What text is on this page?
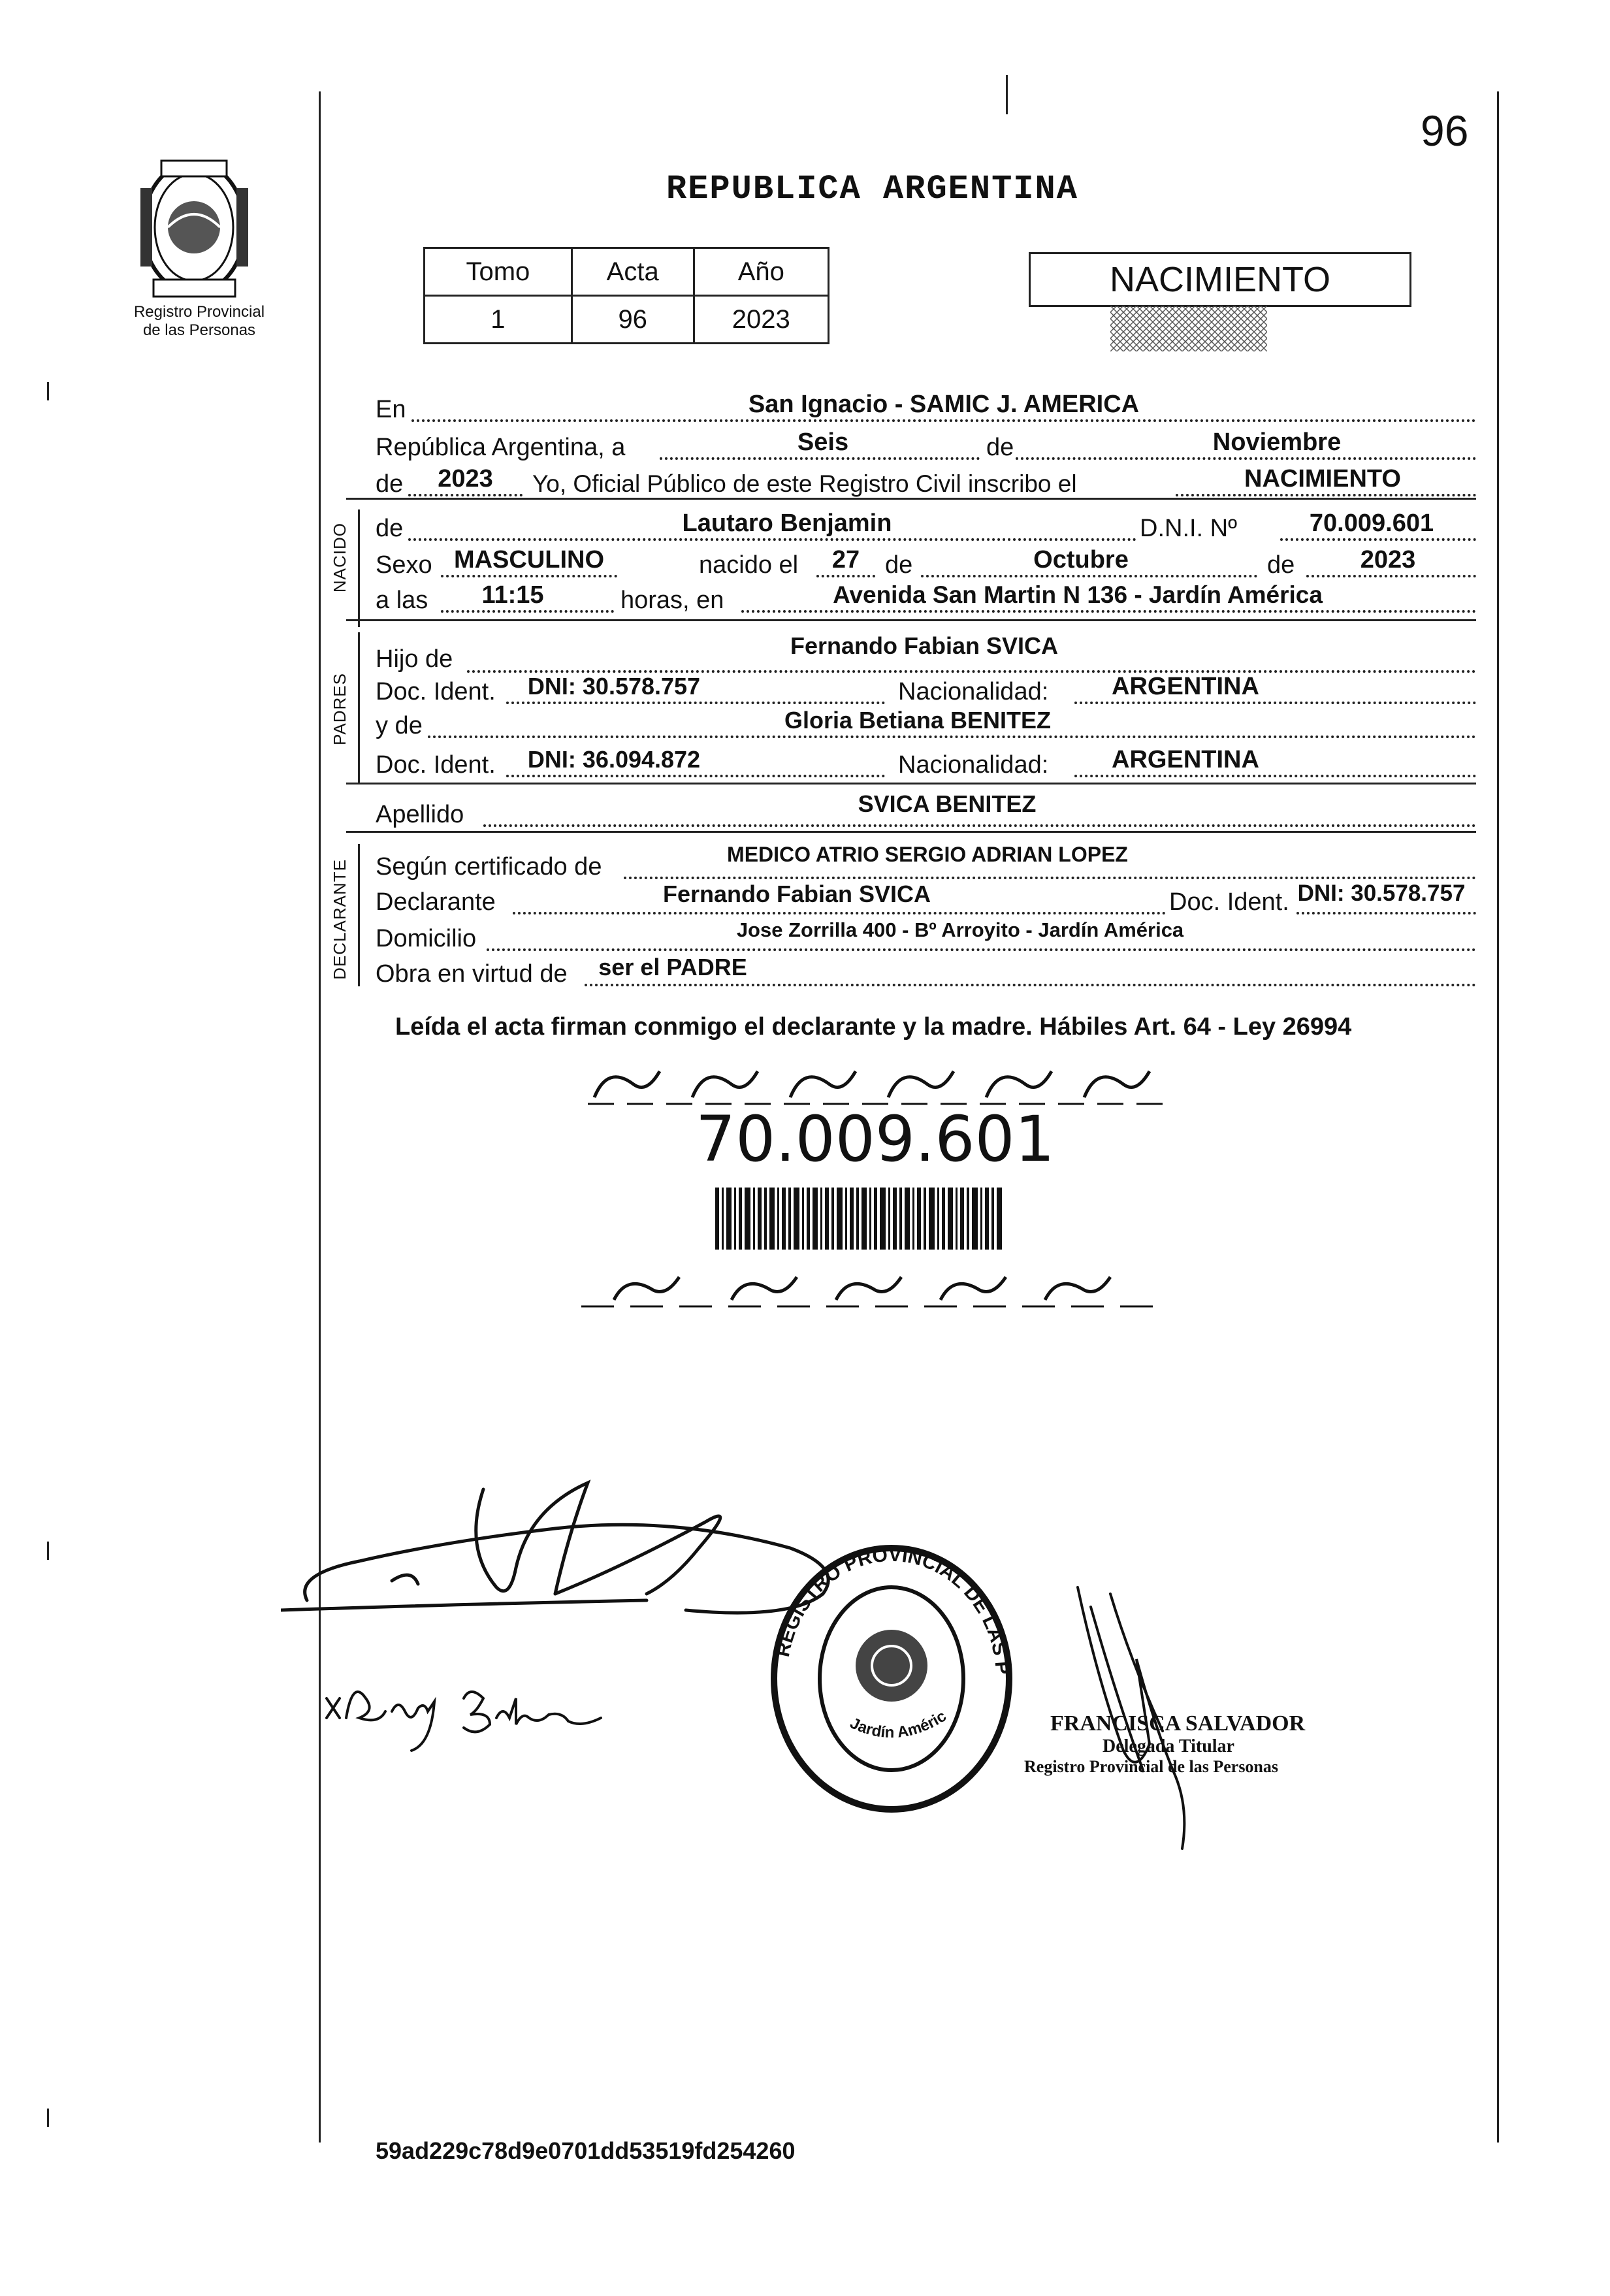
96
Registro Provincial
de las Personas
REPUBLICA ARGENTINA
Tomo	Acta	Año
1	96	2023
NACIMIENTO
En	San Ignacio - SAMIC J. AMERICA
República Argentina, a	Seis	de	Noviembre
de	2023	Yo, Oficial Público de este Registro Civil inscribo el	NACIMIENTO
NACIDO de	Lautaro Benjamin	D.N.I. Nº	70.009.601
Sexo MASCULINO	nacido el	27	de	Octubre	de	2023
a las	11:15	horas, en	Avenida San Martin N 136 - Jardín América
PADRES
Hijo de	Fernando Fabian SVICA
Doc. Ident.	DNI: 30.578.757	Nacionalidad:	ARGENTINA
y de	Gloria Betiana BENITEZ
Doc. Ident.	DNI: 36.094.872	Nacionalidad:	ARGENTINA
Apellido	SVICA BENITEZ
DECLARANTE Según certificado de	MEDICO ATRIO SERGIO ADRIAN LOPEZ
Declarante	Fernando Fabian SVICA	Doc. Ident. DNI: 30.578.757
Domicilio	Jose Zorrilla 400 - Bº Arroyito - Jardín América
Obra en virtud de	ser el PADRE
Leída el acta firman conmigo el declarante y la madre. Hábiles Art. 64 - Ley 26994
70.009.601
REGISTRO PROVINCIAL DE LAS P
Jardín Améric	FRANCISCA SALVADOR
Delegada Titular
Registro Provincial de las Personas
59ad229c78d9e0701dd53519fd254260
